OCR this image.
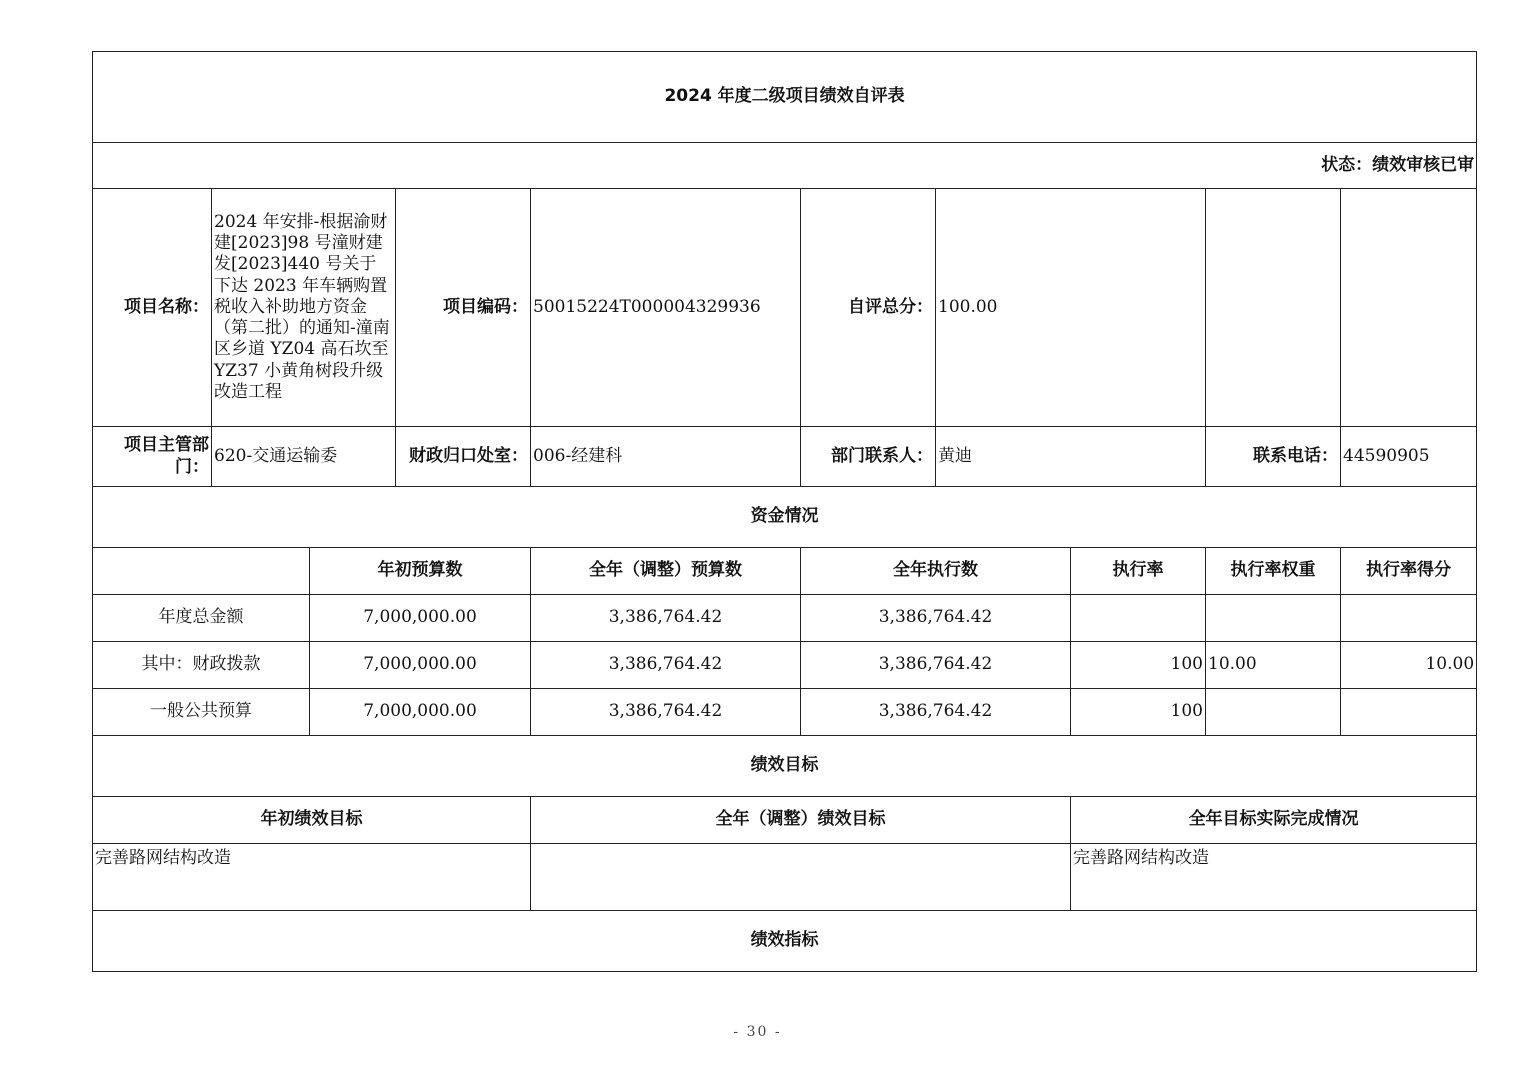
2024 年度二级项目绩效自评表									
状态：绩效审核已审									
项目名称：	2024 年安排-根据渝财建[2023]98 号潼财建发[2023]440 号关于下达 2023 年车辆购置税收入补助地方资金（第二批）的通知-潼南区乡道 YZ04 高石坎至 YZ37 小黄角树段升级改造工程		项目编码：	50015224T000004329936	自评总分：	100.00			
项目主管部门：	620-交通运输委		财政归口处室：	006-经建科	部门联系人：	黄迪		联系电话：	44590905
资金情况									
		年初预算数		全年（调整）预算数	全年执行数		执行率	执行率权重	执行率得分
年度总金额		7,000,000.00		3,386,764.42	3,386,764.42				
其中：财政拨款		7,000,000.00		3,386,764.42	3,386,764.42		100	10.00	10.00
一般公共预算		7,000,000.00		3,386,764.42	3,386,764.42		100		
绩效目标									
年初绩效目标				全年（调整）绩效目标			全年目标实际完成情况		
完善路网结构改造							完善路网结构改造		
绩效指标									
- 30 -
